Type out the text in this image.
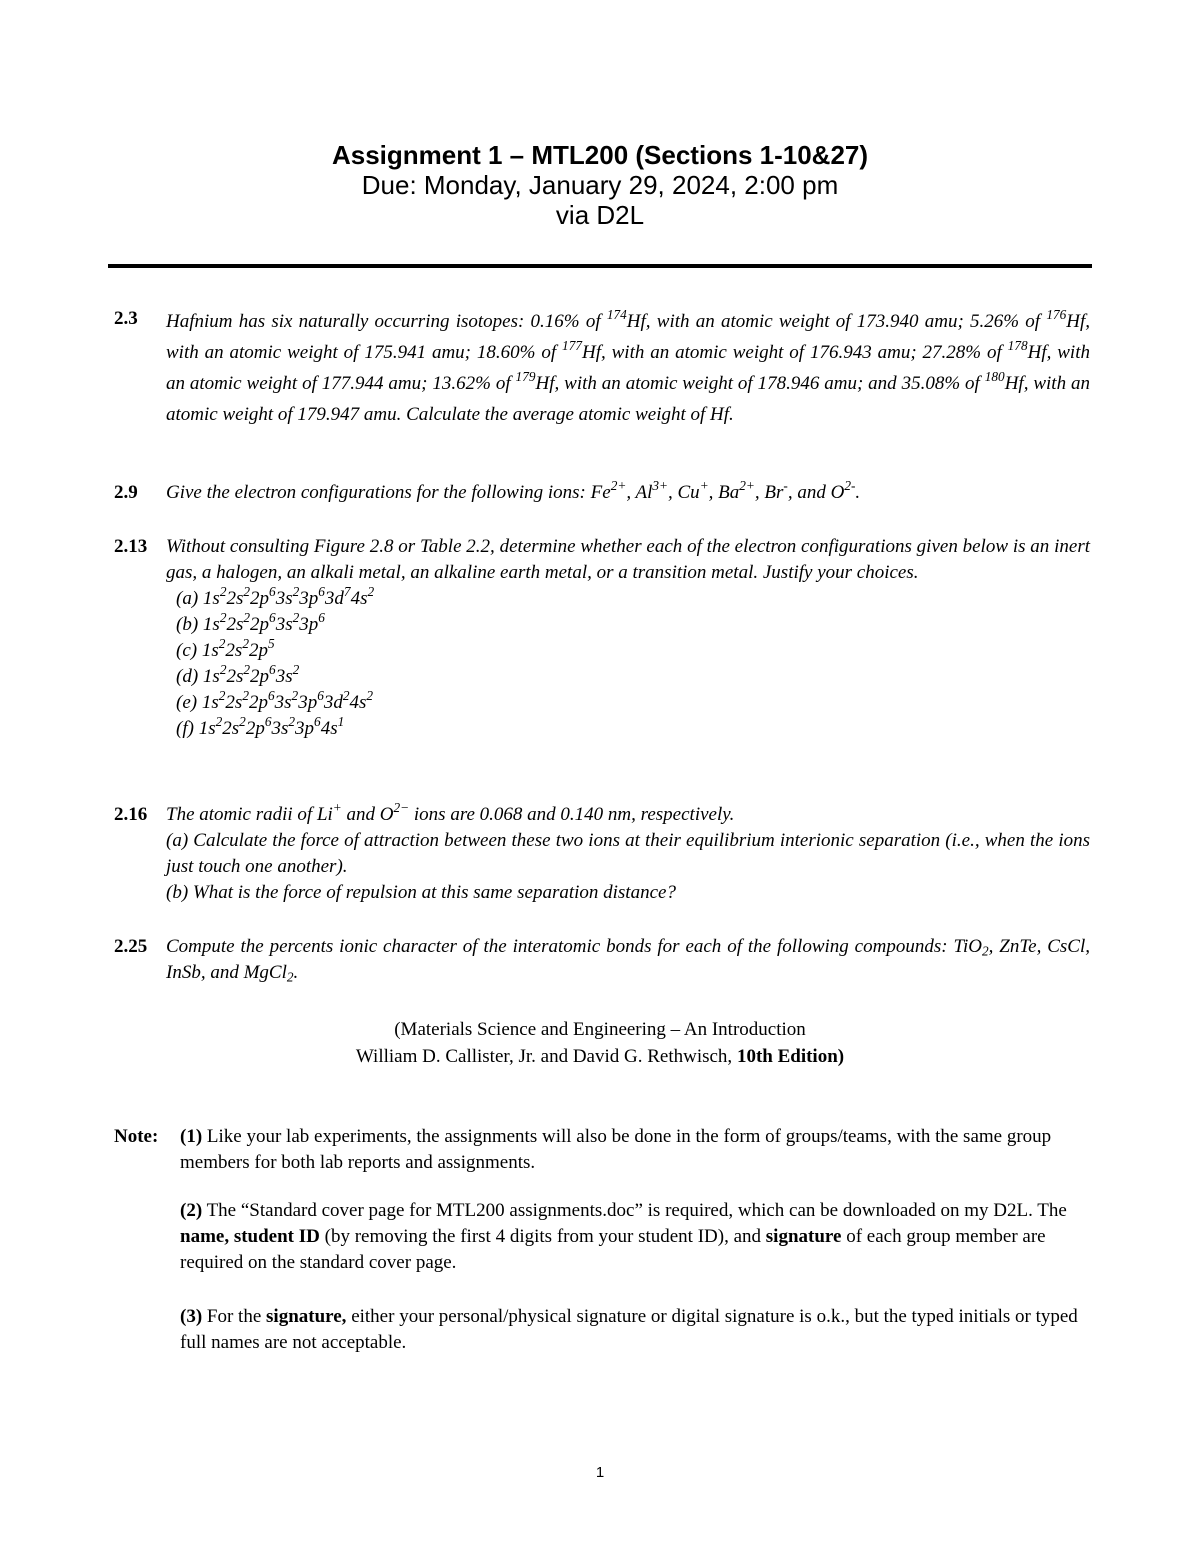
Assignment 1 – MTL200 (Sections 1-10&27)
Due: Monday, January 29, 2024, 2:00 pm
via D2L
2.3 Hafnium has six naturally occurring isotopes: 0.16% of $^{174}$Hf, with an atomic weight of 173.940 amu; 5.26% of $^{176}$Hf, with an atomic weight of 175.941 amu; 18.60% of $^{177}$Hf, with an atomic weight of 176.943 amu; 27.28% of $^{178}$Hf, with an atomic weight of 177.944 amu; 13.62% of $^{179}$Hf, with an atomic weight of 178.946 amu; and 35.08% of $^{180}$Hf, with an atomic weight of 179.947 amu. Calculate the average atomic weight of Hf.
2.9 Give the electron configurations for the following ions: $Fe^{2+}$, $Al^{3+}$, Cu+, $Ba^{2+}$, Br-, and $O^{2-}$.
2.13 Without consulting Figure 2.8 or Table 2.2, determine whether each of the electron configurations given below is an inert gas, a halogen, an alkali metal, an alkaline earth metal, or a transition metal. Justify your choices.
(a) $1s^22s^22p^63s^23p^63d^74s^2$
(b) $1s^22s^22p^63s^23p^6$
(c) $1s^22s^22p^5$
(d) $1s^22s^22p^63s^2$
(e) $1s^22s^22p^63s^23p^63d^24s^2$
(f) $1s^22s^22p^63s^23p^64s^1$
2.16 The atomic radii of Li+ and $O^{2-}$ ions are 0.068 and 0.140 nm, respectively.
(a) Calculate the force of attraction between these two ions at their equilibrium interionic separation (i.e., when the ions just touch one another).
(b) What is the force of repulsion at this same separation distance?
2.25 Compute the percents ionic character of the interatomic bonds for each of the following compounds: TiO$_2$, ZnTe, CsCl, InSb, and MgCl$_2$.
(Materials Science and Engineering – An Introduction
William D. Callister, Jr. and David G. Rethwisch, 10th Edition)
Note: (1) Like your lab experiments, the assignments will also be done in the form of groups/teams, with the same group members for both lab reports and assignments.
(2) The “Standard cover page for MTL200 assignments.doc” is required, which can be downloaded on my D2L. The name, student ID (by removing the first 4 digits from your student ID), and signature of each group member are required on the standard cover page.
(3) For the signature, either your personal/physical signature or digital signature is o.k., but the typed initials or typed full names are not acceptable.
1
